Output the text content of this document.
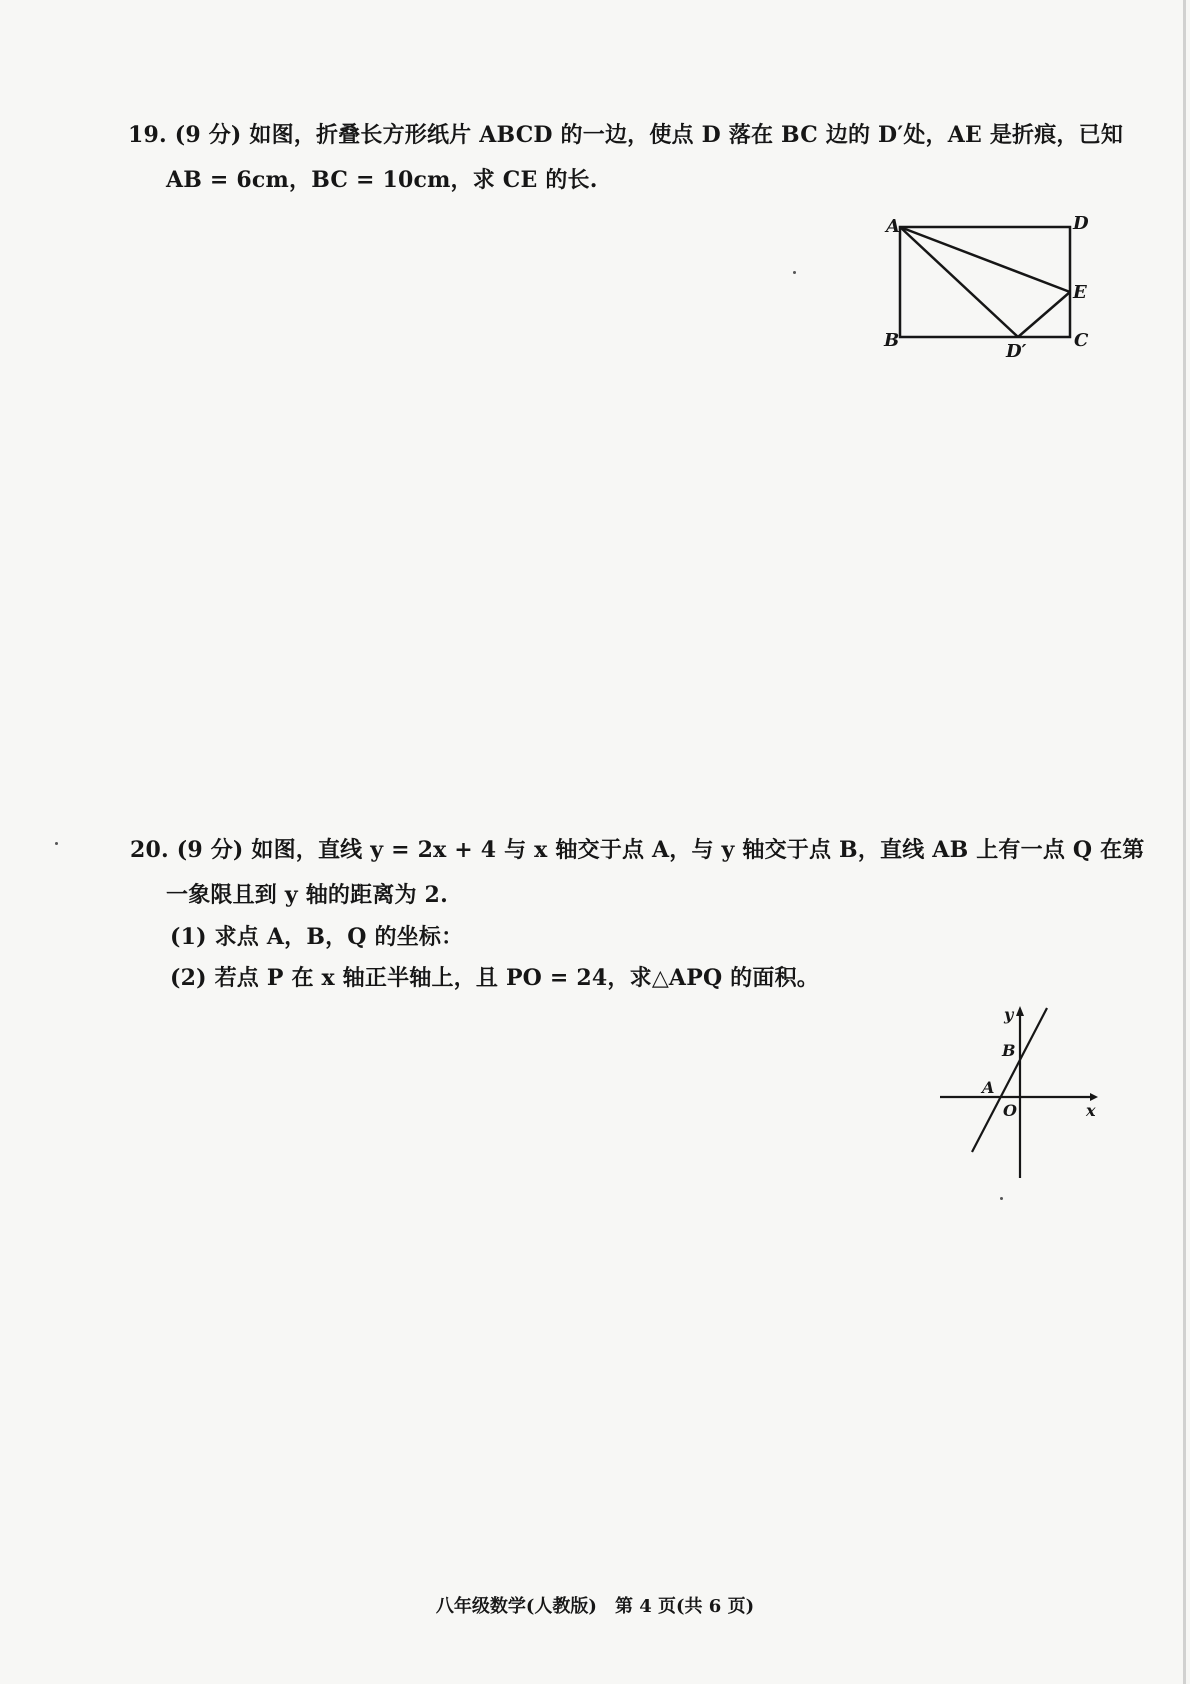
19. (9 分) 如图，折叠长方形纸片 ABCD 的一边，使点 D 落在 BC 边的 D′处，AE 是折痕，已知
AB = 6cm，BC = 10cm，求 CE 的长.
A	D
E
B	C
D′
20. (9 分) 如图，直线 y = 2x + 4 与 x 轴交于点 A，与 y 轴交于点 B，直线 AB 上有一点 Q 在第
一象限且到 y 轴的距离为 2.
(1) 求点 A，B，Q 的坐标：
(2) 若点 P 在 x 轴正半轴上，且 PO = 24，求△APQ 的面积。
y
x
B
A
O
八年级数学(人教版)　第 4 页(共 6 页)
